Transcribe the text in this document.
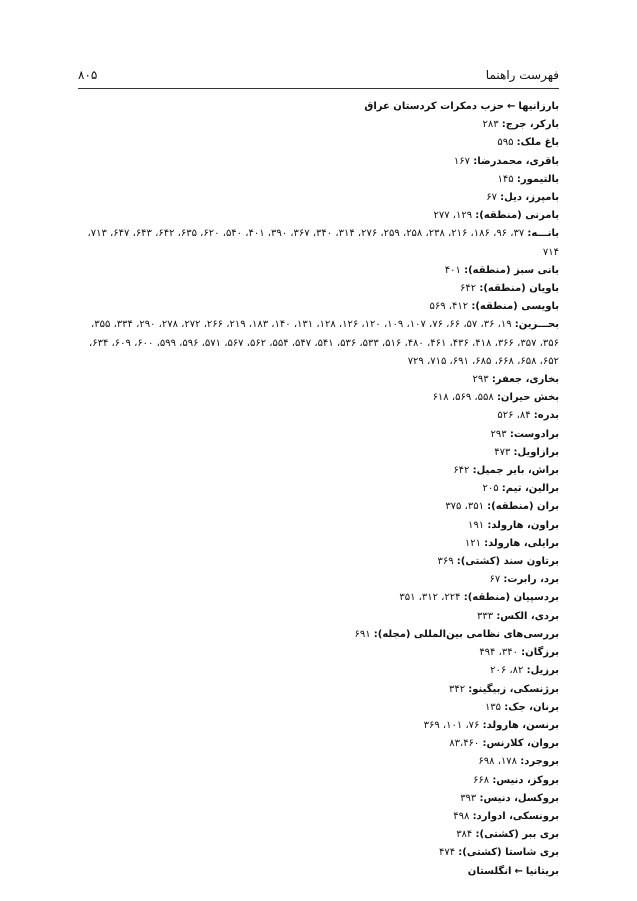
فهرست راهنما
۸۰۵
بارزانیها←حزب دمکرات کردستان عراق
بارکر، جرج: ۲۸۳
باغ ملک: ۵۹۵
باقری، محمدرضا: ۱۶۷
بالتیمور: ۱۴۵
بامپرز، دیل: ۶۷
بامرنی (منطقه): ۱۲۹، ۲۷۷
بانـــه: ۳۷، ۹۶، ۱۸۶، ۲۱۶، ۲۳۸، ۲۵۸، ۲۵۹، ۲۷۶، ۳۱۴، ۳۴۰، ۳۶۷، ۳۹۰، ۴۰۱، ۵۴۰، ۶۲۰، ۶۳۵، ۶۴۲، ۶۴۳، ۶۴۷، ۷۱۳، ۷۱۴
بانی سبز (منطقه): ۴۰۱
باویان (منطقه): ۶۴۲
باویسی (منطقه): ۴۱۲، ۵۶۹
بحـــرین: ۱۹، ۳۶، ۵۷، ۶۶، ۷۶، ۱۰۷، ۱۰۹، ۱۲۰، ۱۲۶، ۱۲۸، ۱۳۱، ۱۴۰، ۱۸۳، ۲۱۹، ۲۶۶، ۲۷۲، ۲۷۸، ۲۹۰، ۳۳۴، ۳۵۵، ۳۵۶، ۳۵۷، ۳۶۶، ۴۱۸، ۴۳۶، ۴۶۱، ۴۸۰، ۵۱۶، ۵۳۳، ۵۳۶، ۵۴۱، ۵۴۷، ۵۵۴، ۵۶۲، ۵۶۷، ۵۷۱، ۵۹۶، ۵۹۹، ۶۰۰، ۶۰۹، ۶۳۴، ۶۵۲، ۶۵۸، ۶۶۸، ۶۸۵، ۶۹۱، ۷۱۵، ۷۲۹
بخاری، جعفر: ۲۹۳
بخش حیران: ۵۵۸، ۵۶۹، ۶۱۸
بدره: ۸۴، ۵۲۶
برادوست: ۲۹۳
برازاویل: ۴۷۳
براش، بایر جمیل: ۶۴۲
برالین، تیم: ۲۰۵
بران (منطقه): ۳۵۱، ۳۷۵
براون، هارولد: ۱۹۱
برایلی، هارولد: ۱۲۱
برتاون سند (کشتی): ۳۶۹
برد، رابرت: ۶۷
بردسپیان (منطقه): ۲۲۴، ۳۱۲، ۳۵۱
بردی، الکس: ۳۳۳
بررسی‌های نظامی بین‌المللی (مجله): ۶۹۱
برزگان: ۳۴۰، ۴۹۴
برزیل: ۸۲، ۲۰۶
برژنسکی، زبیگینو: ۳۴۲
برنان، جک: ۱۳۵
برنسن، هارولد: ۷۶، ۱۰۱، ۳۶۹
بروان، کلارنس: ۸۳،۴۶۰
بروجرد: ۱۷۸، ۶۹۸
بروکز، دنیس: ۶۶۸
بروکسل، دنیس: ۳۹۳
برونسکی، ادوارد: ۴۹۸
بری ببر (کشتی): ۳۸۴
بری شاستا (کشتی): ۴۷۴
بریتانیا←انگلستان
